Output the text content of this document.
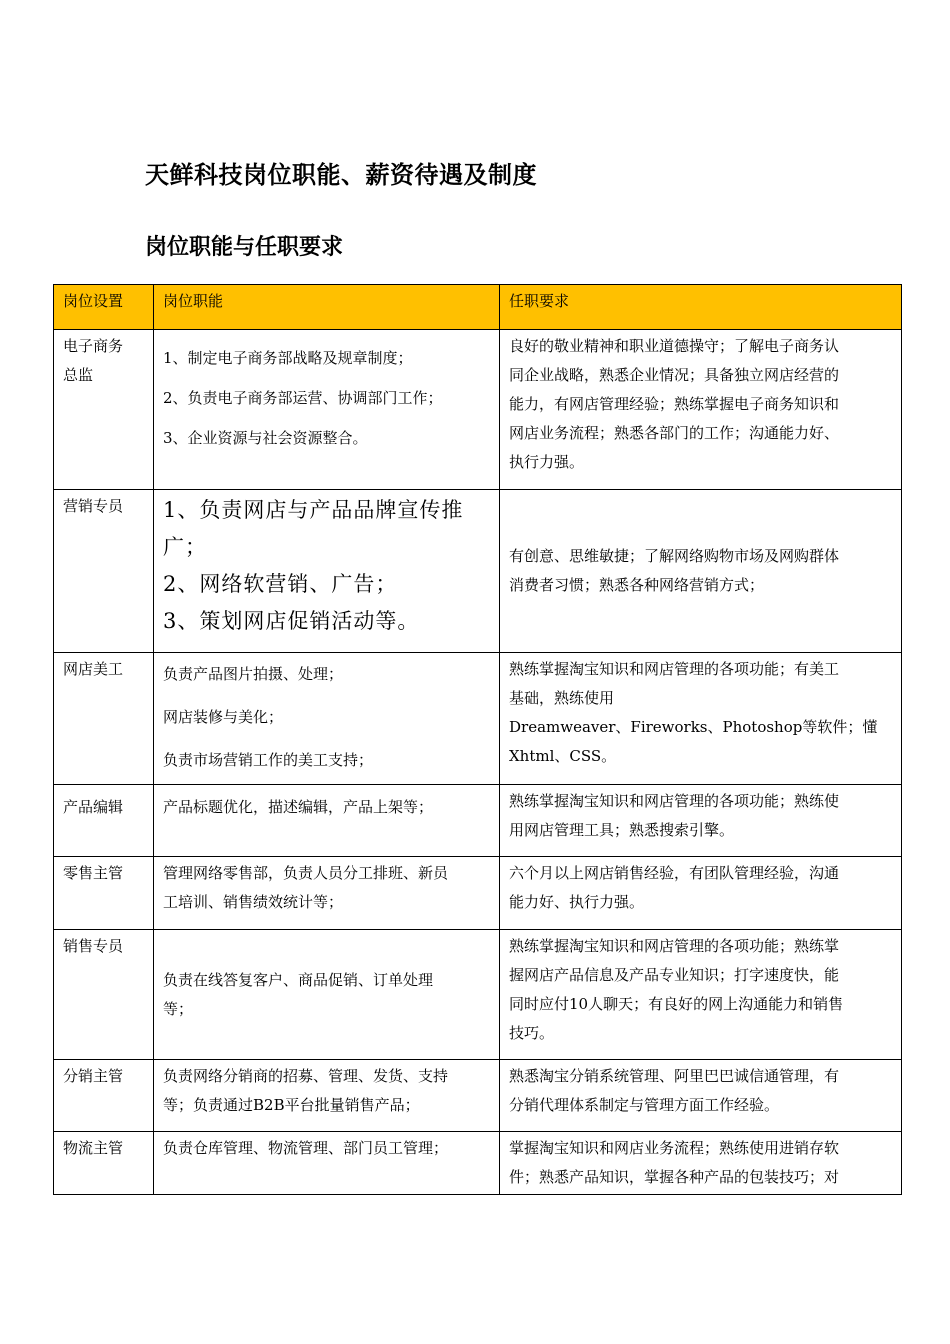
天鲜科技岗位职能、薪资待遇及制度
岗位职能与任职要求
岗位设置	岗位职能	任职要求

电子商务
总监	1、制定电子商务部战略及规章制度；
2、负责电子商务部运营、协调部门工作；
3、企业资源与社会资源整合。	良好的敬业精神和职业道德操守；了解电子商务认
同企业战略，熟悉企业情况；具备独立网店经营的
能力，有网店管理经验；熟练掌握电子商务知识和
网店业务流程；熟悉各部门的工作；沟通能力好、
执行力强。

营销专员	1、负责网店与产品品牌宣传推
广；
2、网络软营销、广告；
3、策划网店促销活动等。	有创意、思维敏捷；了解网络购物市场及网购群体
消费者习惯；熟悉各种网络营销方式；

网店美工	负责产品图片拍摄、处理；
网店装修与美化；
负责市场营销工作的美工支持；	熟练掌握淘宝知识和网店管理的各项功能；有美工
基础，熟练使用
Dreamweaver、Fireworks、Photoshop等软件；懂
Xhtml、CSS。

产品编辑	产品标题优化，描述编辑，产品上架等；	熟练掌握淘宝知识和网店管理的各项功能；熟练使
用网店管理工具；熟悉搜索引擎。

零售主管	管理网络零售部，负责人员分工排班、新员
工培训、销售绩效统计等；	六个月以上网店销售经验，有团队管理经验，沟通
能力好、执行力强。

销售专员	负责在线答复客户、商品促销、订单处理
等；	熟练掌握淘宝知识和网店管理的各项功能；熟练掌
握网店产品信息及产品专业知识；打字速度快，能
同时应付10人聊天；有良好的网上沟通能力和销售
技巧。

分销主管	负责网络分销商的招募、管理、发货、支持
等；负责通过B2B平台批量销售产品；	熟悉淘宝分销系统管理、阿里巴巴诚信通管理，有
分销代理体系制定与管理方面工作经验。

物流主管	负责仓库管理、物流管理、部门员工管理；	掌握淘宝知识和网店业务流程；熟练使用进销存软
件；熟悉产品知识，掌握各种产品的包装技巧；对
